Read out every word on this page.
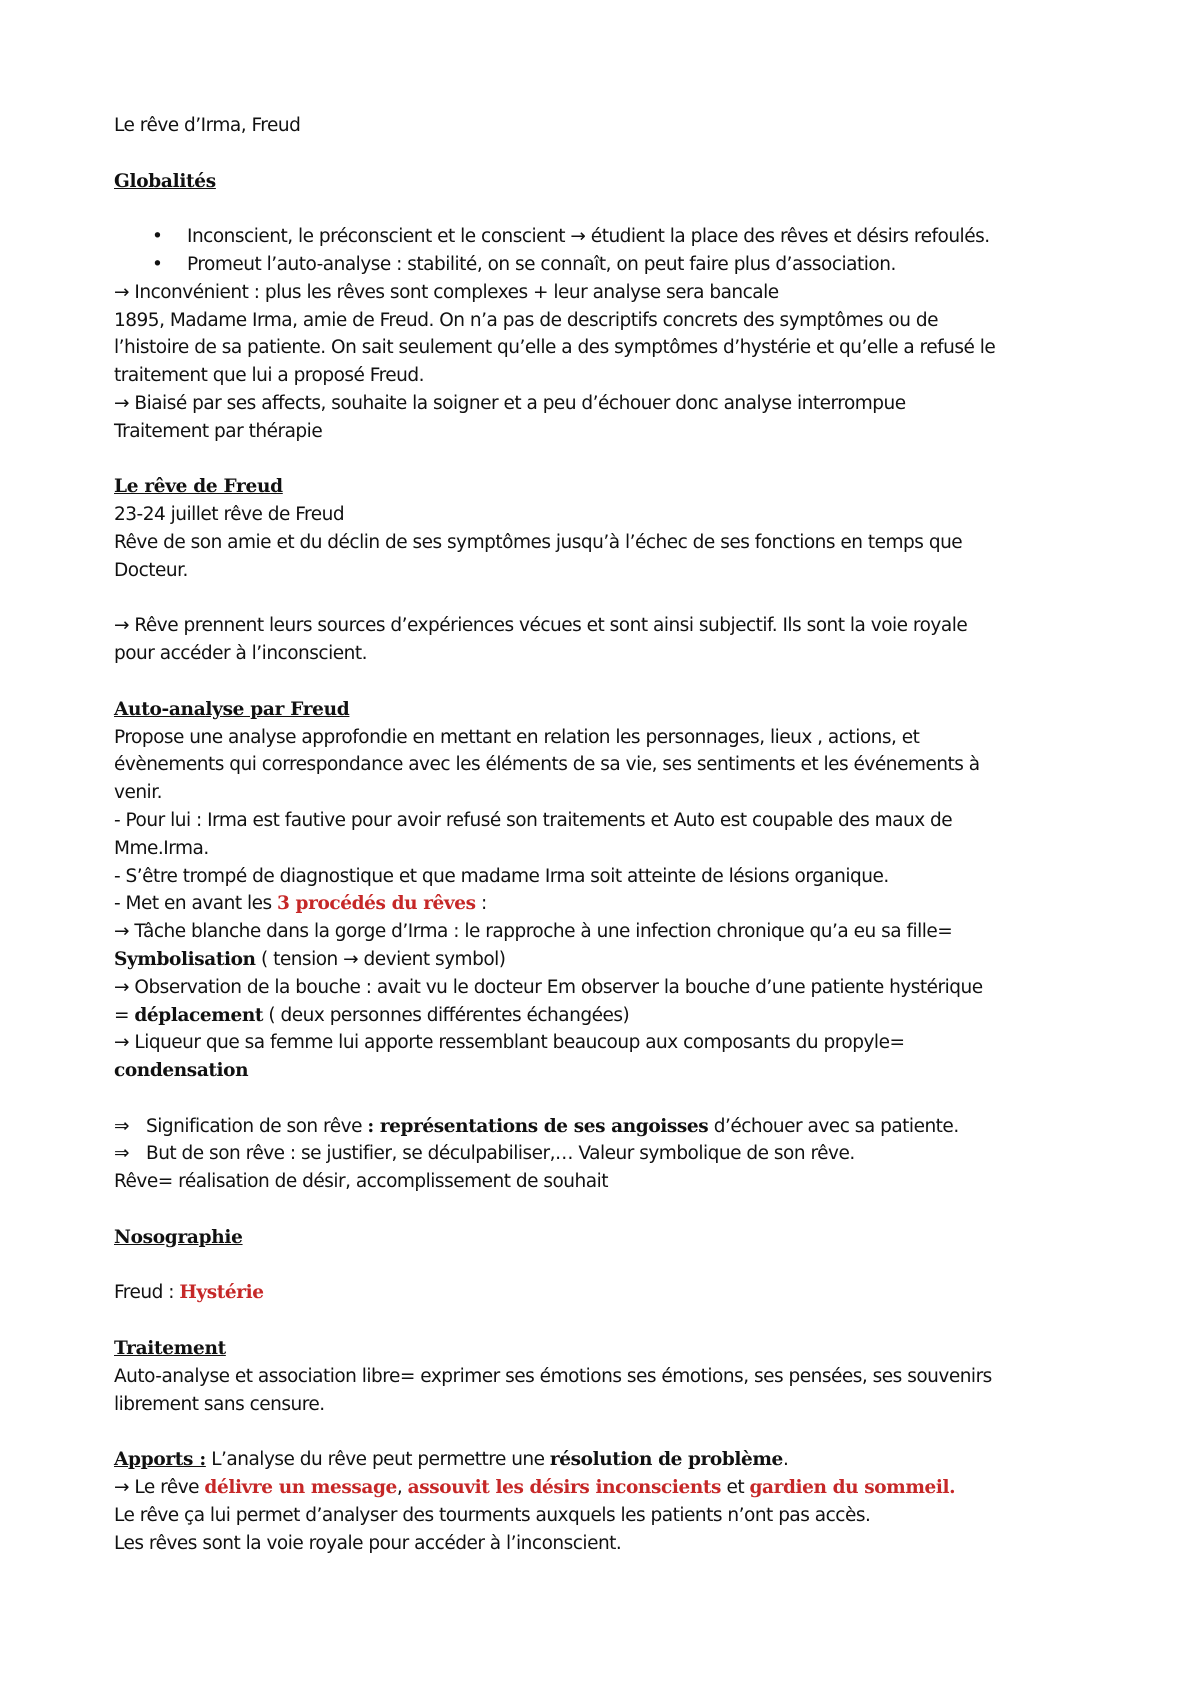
Le rêve d’Irma, Freud

Globalités

• Inconscient, le préconscient et le conscient → étudient la place des rêves et désirs refoulés.
• Promeut l’auto-analyse : stabilité, on se connaît, on peut faire plus d’association.

→ Inconvénient : plus les rêves sont complexes + leur analyse sera bancale

1895, Madame Irma, amie de Freud. On n’a pas de descriptifs concrets des symptômes ou de

l’histoire de sa patiente. On sait seulement qu’elle a des symptômes d’hystérie et qu’elle a refusé le

traitement que lui a proposé Freud.

→ Biaisé par ses affects, souhaite la soigner et a peu d’échouer donc analyse interrompue

Traitement par thérapie

Le rêve de Freud

23-24 juillet rêve de Freud

Rêve de son amie et du déclin de ses symptômes jusqu’à l’échec de ses fonctions en temps que

Docteur.

→ Rêve prennent leurs sources d’expériences vécues et sont ainsi subjectif. Ils sont la voie royale

pour accéder à l’inconscient.

Auto-analyse par Freud

Propose une analyse approfondie en mettant en relation les personnages, lieux , actions, et

évènements qui correspondance avec les éléments de sa vie, ses sentiments et les événements à

venir.

- Pour lui : Irma est fautive pour avoir refusé son traitements et Auto est coupable des maux de

Mme.Irma.

- S’être trompé de diagnostique et que madame Irma soit atteinte de lésions organique.

- Met en avant les 3 procédés du rêves :

→ Tâche blanche dans la gorge d’Irma : le rapproche à une infection chronique qu’a eu sa fille=

Symbolisation ( tension → devient symbol)

→ Observation de la bouche : avait vu le docteur Em observer la bouche d’une patiente hystérique

= déplacement ( deux personnes différentes échangées)

→ Liqueur que sa femme lui apporte ressemblant beaucoup aux composants du propyle=

condensation

⇒ Signification de son rêve : représentations de ses angoisses d’échouer avec sa patiente.
⇒ But de son rêve : se justifier, se déculpabiliser,… Valeur symbolique de son rêve.

Rêve= réalisation de désir, accomplissement de souhait

Nosographie

Freud : Hystérie

Traitement

Auto-analyse et association libre= exprimer ses émotions ses émotions, ses pensées, ses souvenirs

librement sans censure.

Apports : L’analyse du rêve peut permettre une résolution de problème.

→ Le rêve délivre un message, assouvit les désirs inconscients et gardien du sommeil.

Le rêve ça lui permet d’analyser des tourments auxquels les patients n’ont pas accès.

Les rêves sont la voie royale pour accéder à l’inconscient.
